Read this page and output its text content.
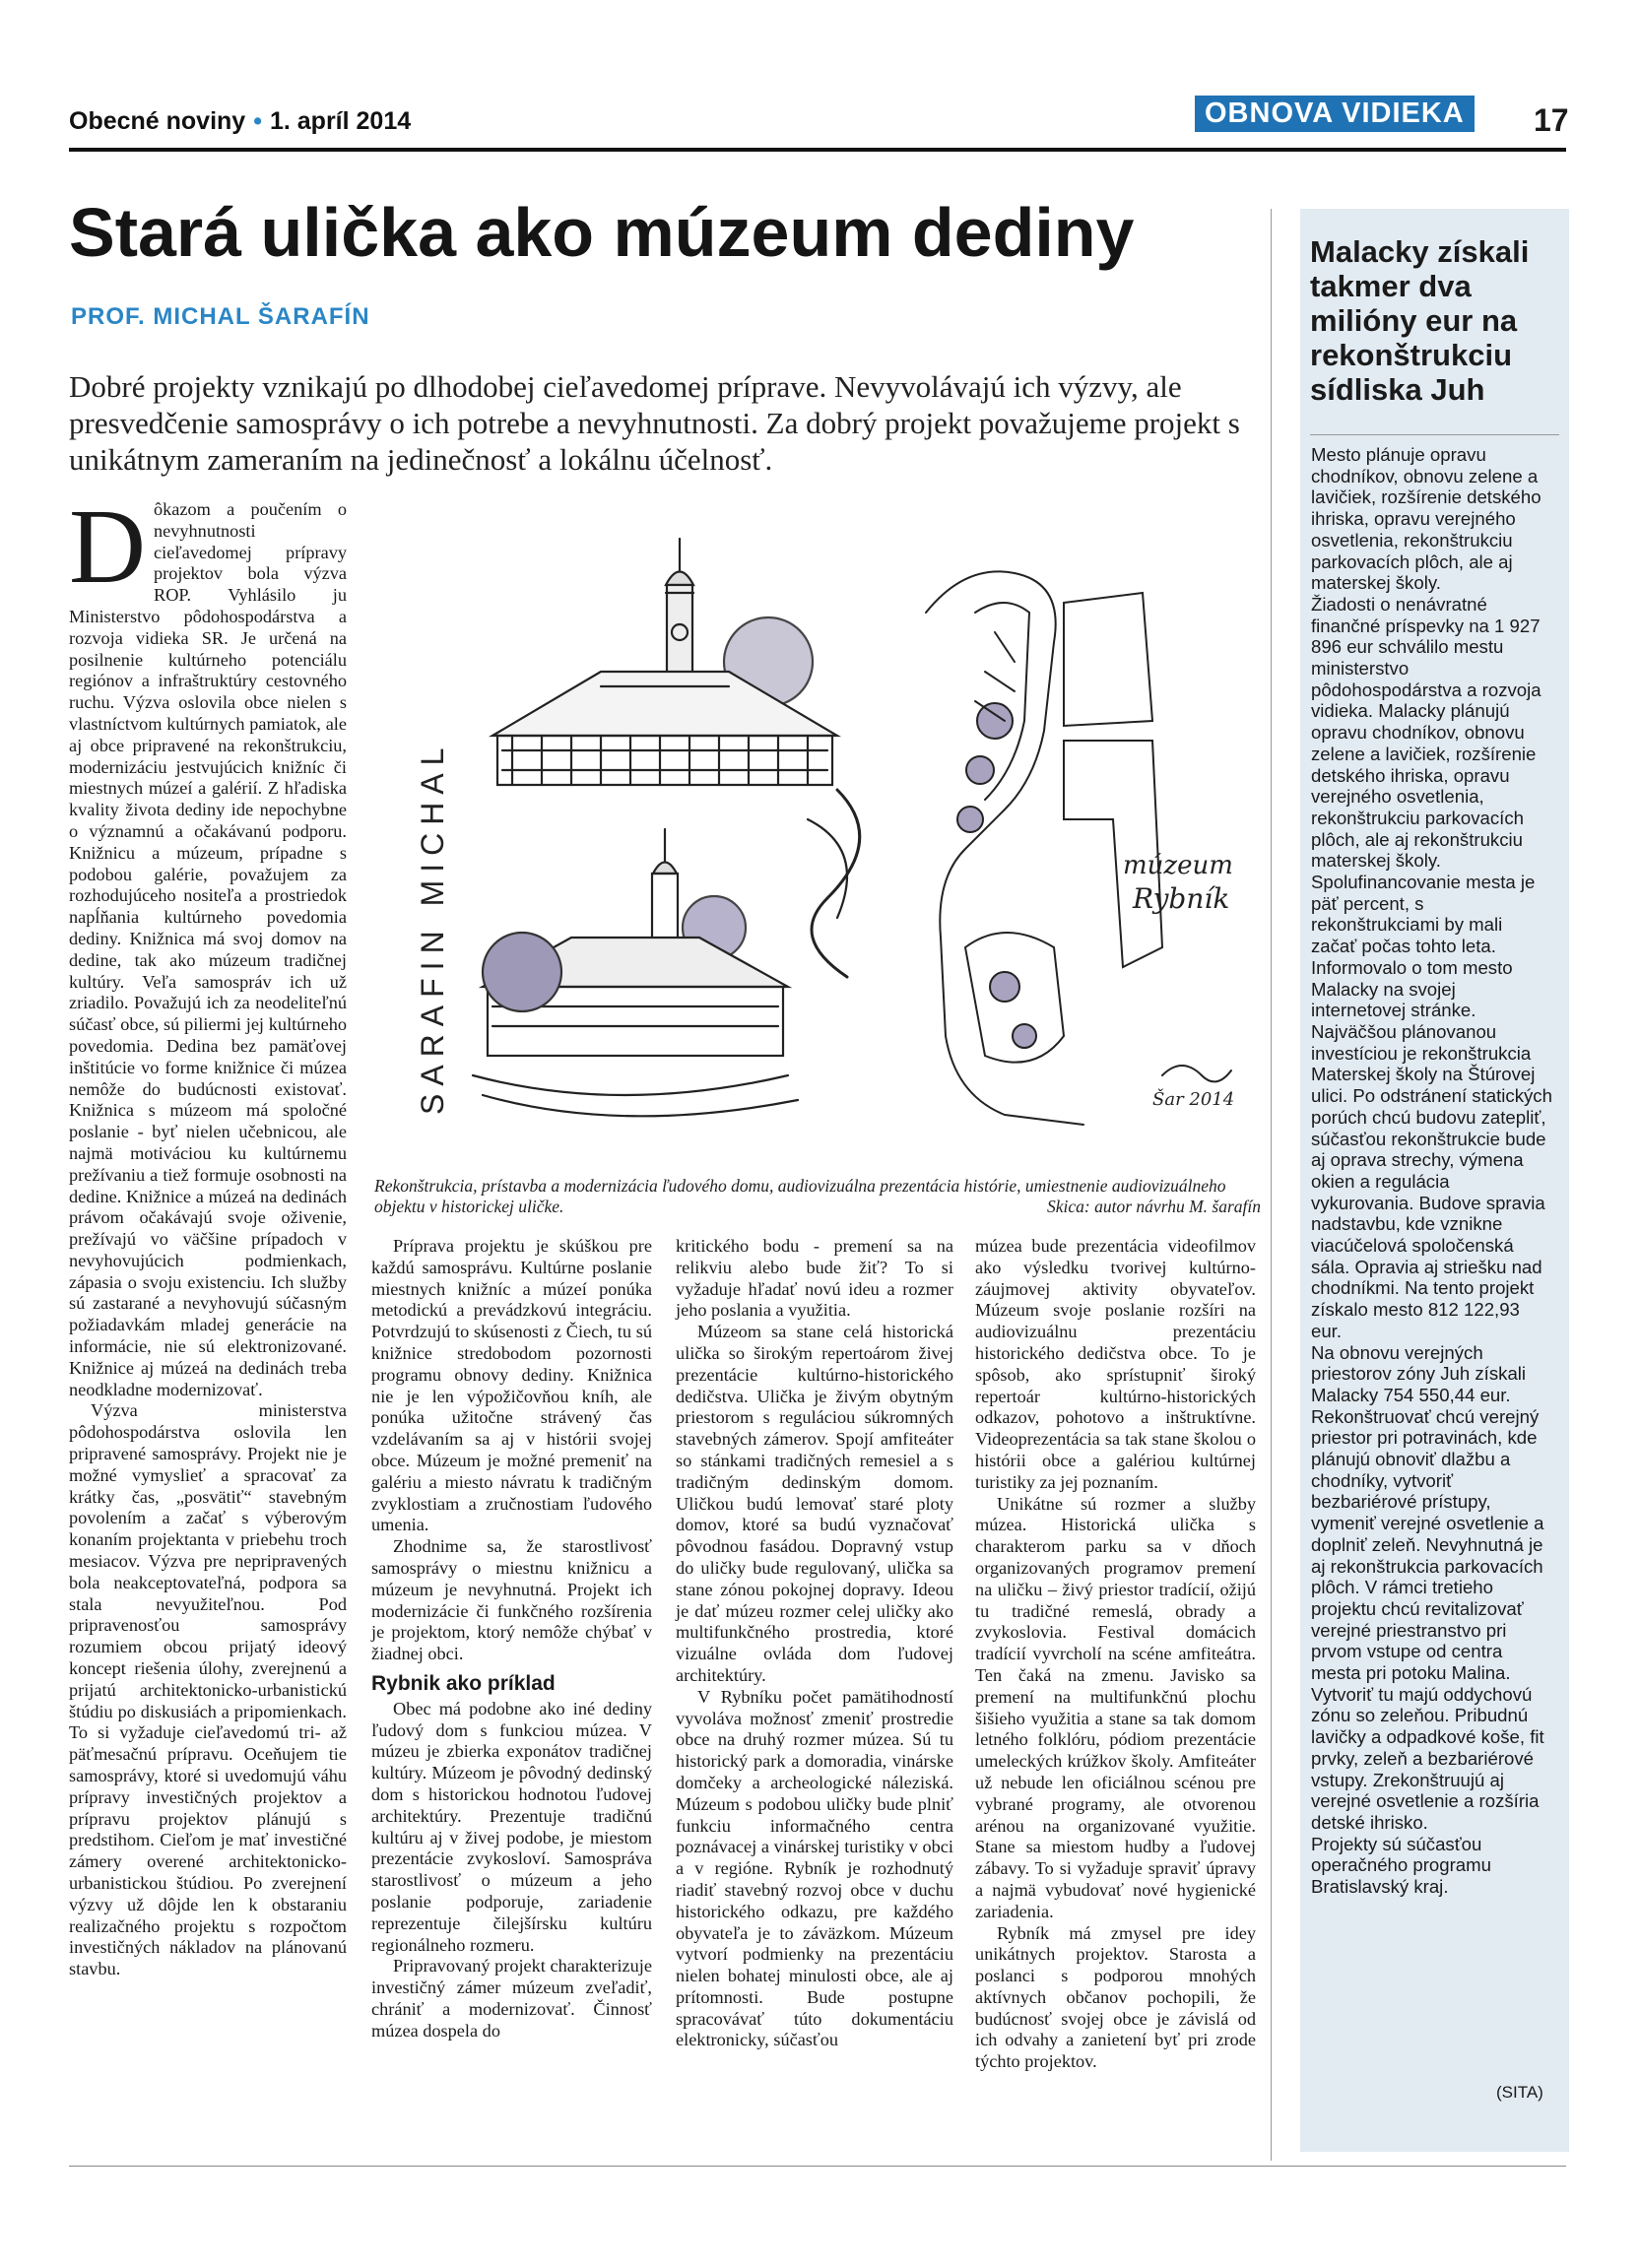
Obecné noviny • 1. apríl 2014	OBNOVA VIDIEKA	17
Stará ulička ako múzeum dediny
PROF. MICHAL ŠARAFÍN
Dobré projekty vznikajú po dlhodobej cieľavedomej príprave. Nevyvolávajú ich výzvy, ale presvedčenie samosprávy o ich potrebe a nevyhnutnosti. Za dobrý projekt považujeme projekt s unikátnym zameraním na jedinečnosť a lokálnu účelnosť.

Dôkazom a poučením o nevyhnutnosti cieľavedomej prípravy projektov bola výzva ROP. Vyhlásilo ju Ministerstvo pôdohospodárstva a rozvoja vidieka SR. Je určená na posilnenie kultúrneho potenciálu regiónov a infraštruktúry cestovného ruchu. Výzva oslovila obce nielen s vlastníctvom kultúrnych pamiatok, ale aj obce pripravené na rekonštrukciu, modernizáciu jestvujúcich knižníc či miestnych múzeí a galérií. Z hľadiska kvality života dediny ide nepochybne o významnú a očakávanú podporu. Knižnicu a múzeum, prípadne s podobou galérie, považujem za rozhodujúceho nositeľa a prostriedok napĺňania kultúrneho povedomia dediny. Knižnica má svoj domov na dedine, tak ako múzeum tradičnej kultúry. Veľa samospráv ich už zriadilo. Považujú ich za neodeliteľnú súčasť obce, sú piliermi jej kultúrneho povedomia. Dedina bez pamäťovej inštitúcie vo forme knižnice či múzea nemôže do budúcnosti existovať. Knižnica s múzeom má spoločné poslanie - byť nielen učebnicou, ale najmä motiváciou ku kultúrnemu prežívaniu a tiež formuje osobnosti na dedine. Knižnice a múzeá na dedinách právom očakávajú svoje oživenie, prežívajú vo väčšine prípadoch v nevyhovujúcich podmienkach, zápasia o svoju existenciu. Ich služby sú zastarané a nevyhovujú súčasným požiadavkám mladej generácie na informácie, nie sú elektronizované. Knižnice aj múzeá na dedinách treba neodkladne modernizovať.

Výzva ministerstva pôdohospodárstva oslovila len pripravené samosprávy. Projekt nie je možné vymyslieť a spracovať za krátky čas, „posvätiť“ stavebným povolením a začať s výberovým konaním projektanta v priebehu troch mesiacov. Výzva pre nepripravených bola neakceptovateľná, podpora sa stala nevyužiteľnou. Pod pripravenosťou samosprávy rozumiem obcou prijatý ideový koncept riešenia úlohy, zverejnenú a prijatú architektonicko-urbanistickú štúdiu po diskusiách a pripomienkach. To si vyžaduje cieľavedomú tri- až päťmesačnú prípravu. Oceňujem tie samosprávy, ktoré si uvedomujú váhu prípravy investičných projektov a prípravu projektov plánujú s predstihom. Cieľom je mať investičné zámery overené architektonicko-urbanistickou štúdiou. Po zverejnení výzvy už dôjde len k obstaraniu realizačného projektu s rozpočtom investičných nákladov na plánovanú stavbu.

SARAFIN MICHAL	múzeum
Rybník
Šar 2014
Rekonštrukcia, prístavba a modernizácia ľudového domu, audiovizuálna prezentácia histórie, umiestnenie audiovizuálneho objektu v historickej uličke.	Skica: autor návrhu M. šarafín

Príprava projektu je skúškou pre každú samosprávu. Kultúrne poslanie miestnych knižníc a múzeí ponúka metodickú a prevádzkovú integráciu. Potvrdzujú to skúsenosti z Čiech, tu sú knižnice stredobodom pozornosti programu obnovy dediny. Knižnica nie je len výpožičovňou kníh, ale ponúka užitočne strávený čas vzdelávaním sa aj v histórii svojej obce. Múzeum je možné premeniť na galériu a miesto návratu k tradičným zvyklostiam a zručnostiam ľudového umenia.

Zhodnime sa, že starostlivosť samosprávy o miestnu knižnicu a múzeum je nevyhnutná. Projekt ich modernizácie či funkčného rozšírenia je projektom, ktorý nemôže chýbať v žiadnej obci.

Rybnik ako príklad

Obec má podobne ako iné dediny ľudový dom s funkciou múzea. V múzeu je zbierka exponátov tradičnej kultúry. Múzeom je pôvodný dedinský dom s historickou hodnotou ľudovej architektúry. Prezentuje tradičnú kultúru aj v živej podobe, je miestom prezentácie zvykosloví. Samospráva starostlivosť o múzeum a jeho poslanie podporuje, zariadenie reprezentuje čilejšírsku kultúru regionálneho rozmeru.

Pripravovaný projekt charakterizuje investičný zámer múzeum zveľadiť, chrániť a modernizovať. Činnosť múzea dospela do

kritického bodu - premení sa na relikviu alebo bude žiť? To si vyžaduje hľadať novú ideu a rozmer jeho poslania a využitia.

Múzeom sa stane celá historická ulička so širokým repertoárom živej prezentácie kultúrno-historického dedičstva. Ulička je živým obytným priestorom s reguláciou súkromných stavebných zámerov. Spojí amfiteáter so stánkami tradičných remesiel a s tradičným dedinským domom. Uličkou budú lemovať staré ploty domov, ktoré sa budú vyznačovať pôvodnou fasádou. Dopravný vstup do uličky bude regulovaný, ulička sa stane zónou pokojnej dopravy. Ideou je dať múzeu rozmer celej uličky ako multifunkčného prostredia, ktoré vizuálne ovláda dom ľudovej architektúry.

V Rybníku počet pamätihodností vyvoláva možnosť zmeniť prostredie obce na druhý rozmer múzea. Sú tu historický park a domoradia, vinárske domčeky a archeologické náleziská. Múzeum s podobou uličky bude plniť funkciu informačného centra poznávacej a vinárskej turistiky v obci a v regióne. Rybník je rozhodnutý riadiť stavebný rozvoj obce v duchu historického odkazu, pre každého obyvateľa je to záväzkom. Múzeum vytvorí podmienky na prezentáciu nielen bohatej minulosti obce, ale aj prítomnosti. Bude postupne spracovávať túto dokumentáciu elektronicky, súčasťou

múzea bude prezentácia videofilmov ako výsledku tvorivej kultúrno-záujmovej aktivity obyvateľov. Múzeum svoje poslanie rozšíri na audiovizuálnu prezentáciu historického dedičstva obce. To je spôsob, ako sprístupniť široký repertoár kultúrno-historických odkazov, pohotovo a inštruktívne. Videoprezentácia sa tak stane školou o histórii obce a galériou kultúrnej turistiky za jej poznaním.

Unikátne sú rozmer a služby múzea. Historická ulička s charakterom parku sa v dňoch organizovaných programov premení na uličku – živý priestor tradícií, ožijú tu tradičné remeslá, obrady a zvykoslovia. Festival domácich tradícií vyvrcholí na scéne amfiteátra. Ten čaká na zmenu. Javisko sa premení na multifunkčnú plochu šišieho využitia a stane sa tak domom letného folklóru, pódiom prezentácie umeleckých krúžkov školy. Amfiteáter už nebude len oficiálnou scénou pre vybrané programy, ale otvorenou arénou na organizované využitie. Stane sa miestom hudby a ľudovej zábavy. To si vyžaduje spraviť úpravy a najmä vybudovať nové hygienické zariadenia.

Rybník má zmysel pre idey unikátnych projektov. Starosta a poslanci s podporou mnohých aktívnych občanov pochopili, že budúcnosť svojej obce je závislá od ich odvahy a zanietení byť pri zrode týchto projektov.

Malacky získali takmer dva milióny eur na rekonštrukciu sídliska Juh
Mesto plánuje opravu chodníkov, obnovu zelene a lavičiek, rozšírenie detského ihriska, opravu verejného osvetlenia, rekonštrukciu parkovacích plôch, ale aj materskej školy.
Žiadosti o nenávratné finančné príspevky na 1 927 896 eur schválilo mestu ministerstvo pôdohospodárstva a rozvoja vidieka. Malacky plánujú opravu chodníkov, obnovu zelene a lavičiek, rozšírenie detského ihriska, opravu verejného osvetlenia, rekonštrukciu parkovacích plôch, ale aj rekonštrukciu materskej školy. Spolufinancovanie mesta je päť percent, s rekonštrukciami by mali začať počas tohto leta. Informovalo o tom mesto Malacky na svojej internetovej stránke.
Najväčšou plánovanou investíciou je rekonštrukcia Materskej školy na Štúrovej ulici. Po odstránení statických porúch chcú budovu zatepliť, súčasťou rekonštrukcie bude aj oprava strechy, výmena okien a regulácia vykurovania. Budove spravia nadstavbu, kde vznikne viacúčelová spoločenská sála. Opravia aj striešku nad chodníkmi. Na tento projekt získalo mesto 812 122,93 eur.
Na obnovu verejných priestorov zóny Juh získali Malacky 754 550,44 eur. Rekonštruovať chcú verejný priestor pri potravinách, kde plánujú obnoviť dlažbu a chodníky, vytvoriť bezbariérové prístupy, vymeniť verejné osvetlenie a doplniť zeleň. Nevyhnutná je aj rekonštrukcia parkovacích plôch. V rámci tretieho projektu chcú revitalizovať verejné priestranstvo pri prvom vstupe od centra mesta pri potoku Malina. Vytvoriť tu majú oddychovú zónu so zeleňou. Pribudnú lavičky a odpadkové koše, fit prvky, zeleň a bezbariérové vstupy. Zrekonštruujú aj verejné osvetlenie a rozšíria detské ihrisko.
Projekty sú súčasťou operačného programu Bratislavský kraj.
(SITA)
